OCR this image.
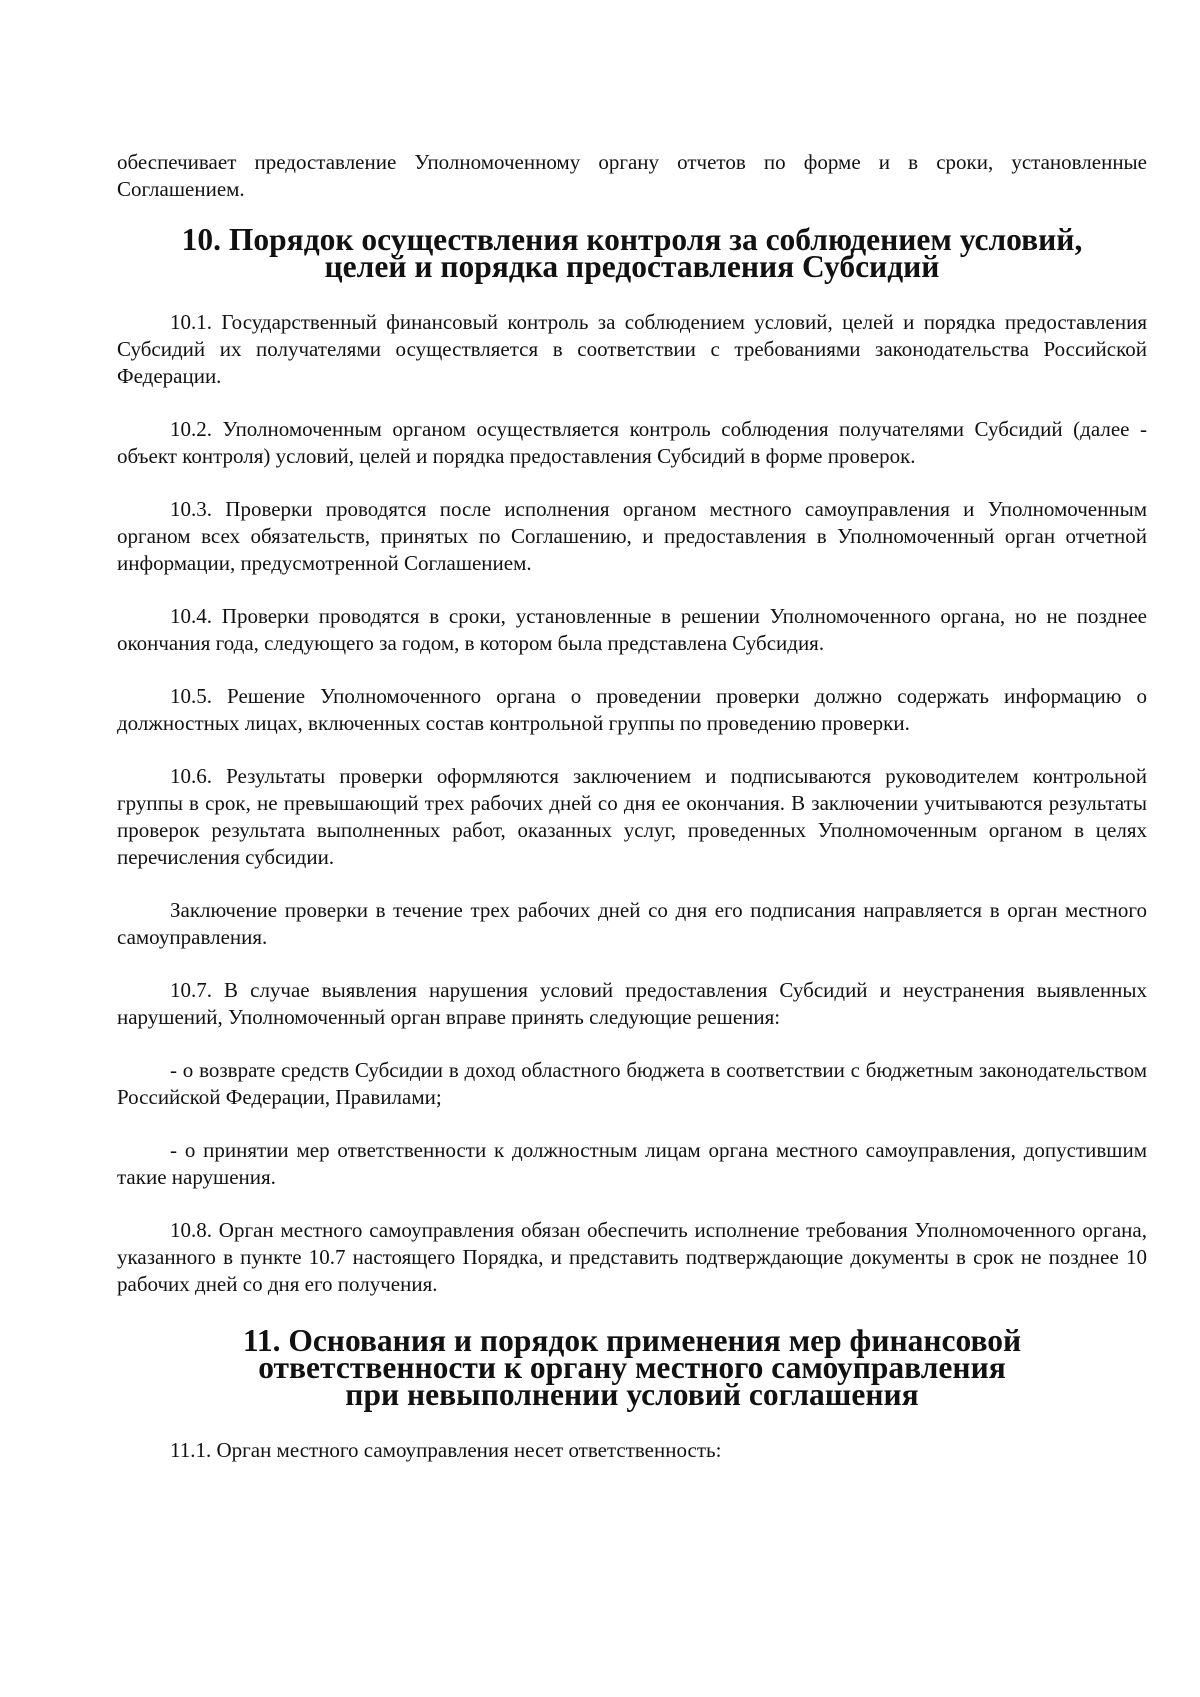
обеспечивает предоставление Уполномоченному органу отчетов по форме и в сроки, установленные Соглашением.

10. Порядок осуществления контроля за соблюдением условий,
целей и порядка предоставления Субсидий

10.1. Государственный финансовый контроль за соблюдением условий, целей и порядка предоставления Субсидий их получателями осуществляется в соответствии с требованиями законодательства Российской Федерации.

10.2. Уполномоченным органом осуществляется контроль соблюдения получателями Субсидий (далее - объект контроля) условий, целей и порядка предоставления Субсидий в форме проверок.

10.3. Проверки проводятся после исполнения органом местного самоуправления и Уполномоченным органом всех обязательств, принятых по Соглашению, и предоставления в Уполномоченный орган отчетной информации, предусмотренной Соглашением.

10.4. Проверки проводятся в сроки, установленные в решении Уполномоченного органа, но не позднее окончания года, следующего за годом, в котором была представлена Субсидия.

10.5. Решение Уполномоченного органа о проведении проверки должно содержать информацию о должностных лицах, включенных состав контрольной группы по проведению проверки.

10.6. Результаты проверки оформляются заключением и подписываются руководителем контрольной группы в срок, не превышающий трех рабочих дней со дня ее окончания. В заключении учитываются результаты проверок результата выполненных работ, оказанных услуг, проведенных Уполномоченным органом в целях перечисления субсидии.

Заключение проверки в течение трех рабочих дней со дня его подписания направляется в орган местного самоуправления.

10.7. В случае выявления нарушения условий предоставления Субсидий и неустранения выявленных нарушений, Уполномоченный орган вправе принять следующие решения:

- о возврате средств Субсидии в доход областного бюджета в соответствии с бюджетным законодательством Российской Федерации, Правилами;

- о принятии мер ответственности к должностным лицам органа местного самоуправления, допустившим такие нарушения.

10.8. Орган местного самоуправления обязан обеспечить исполнение требования Уполномоченного органа, указанного в пункте 10.7 настоящего Порядка, и представить подтверждающие документы в срок не позднее 10 рабочих дней со дня его получения.

11. Основания и порядок применения мер финансовой
ответственности к органу местного самоуправления
при невыполнении условий соглашения

11.1. Орган местного самоуправления несет ответственность:
